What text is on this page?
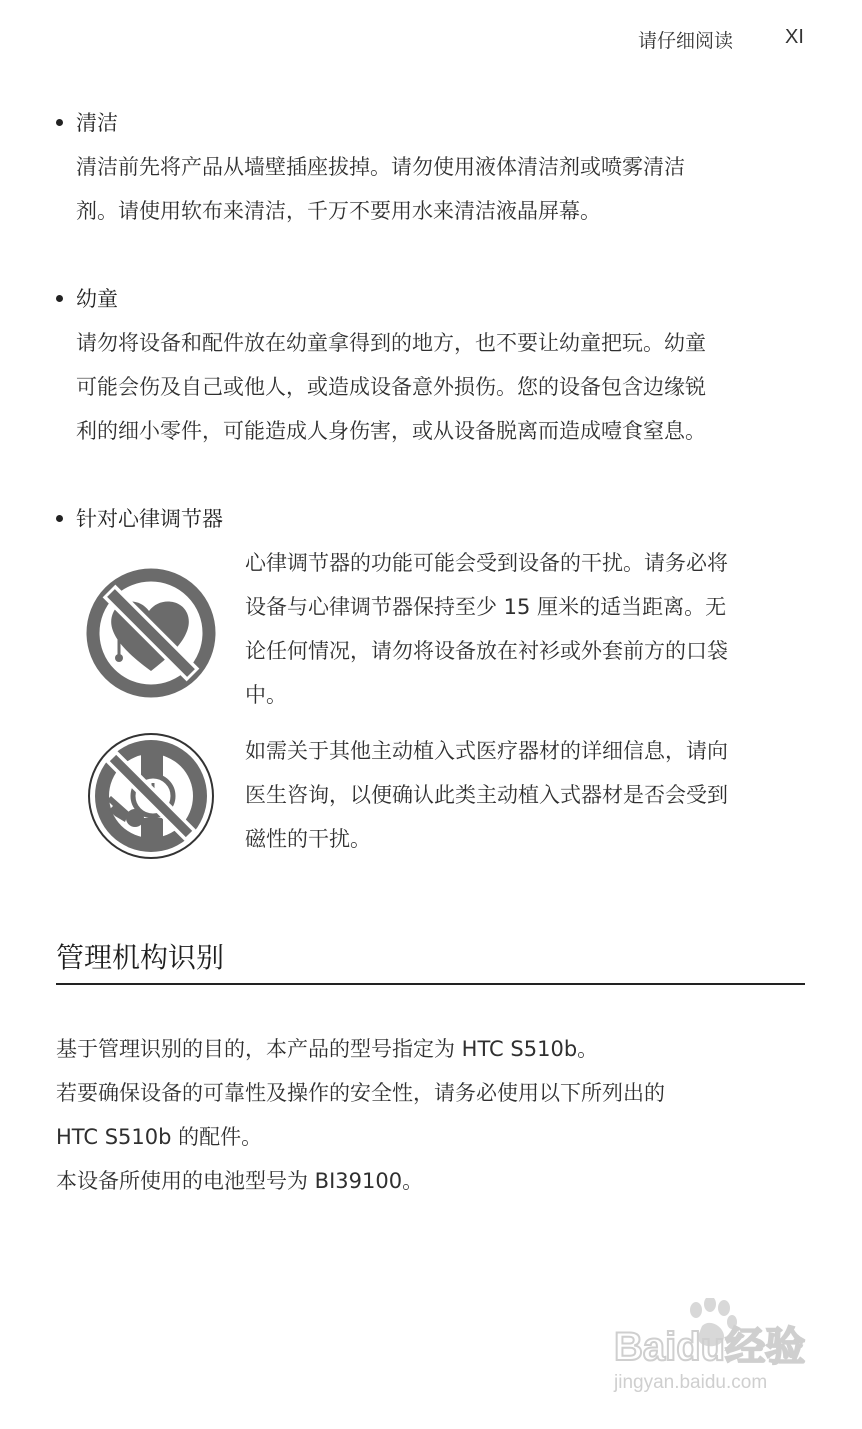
请仔细阅读	XI
清洁
清洁前先将产品从墙壁插座拔掉。请勿使用液体清洁剂或喷雾清洁
剂。请使用软布来清洁，千万不要用水来清洁液晶屏幕。
幼童
请勿将设备和配件放在幼童拿得到的地方，也不要让幼童把玩。幼童
可能会伤及自己或他人，或造成设备意外损伤。您的设备包含边缘锐
利的细小零件，可能造成人身伤害，或从设备脱离而造成噎食窒息。
针对心律调节器
心律调节器的功能可能会受到设备的干扰。请务必将
设备与心律调节器保持至少 15 厘米的适当距离。无
论任何情况，请勿将设备放在衬衫或外套前方的口袋
中。
如需关于其他主动植入式医疗器材的详细信息，请向
医生咨询，以便确认此类主动植入式器材是否会受到
磁性的干扰。
管理机构识别
基于管理识别的目的，本产品的型号指定为 HTC S510b。
若要确保设备的可靠性及操作的安全性，请务必使用以下所列出的
HTC S510b 的配件。
本设备所使用的电池型号为 BI39100。
Baidu经验
jingyan.baidu.com
